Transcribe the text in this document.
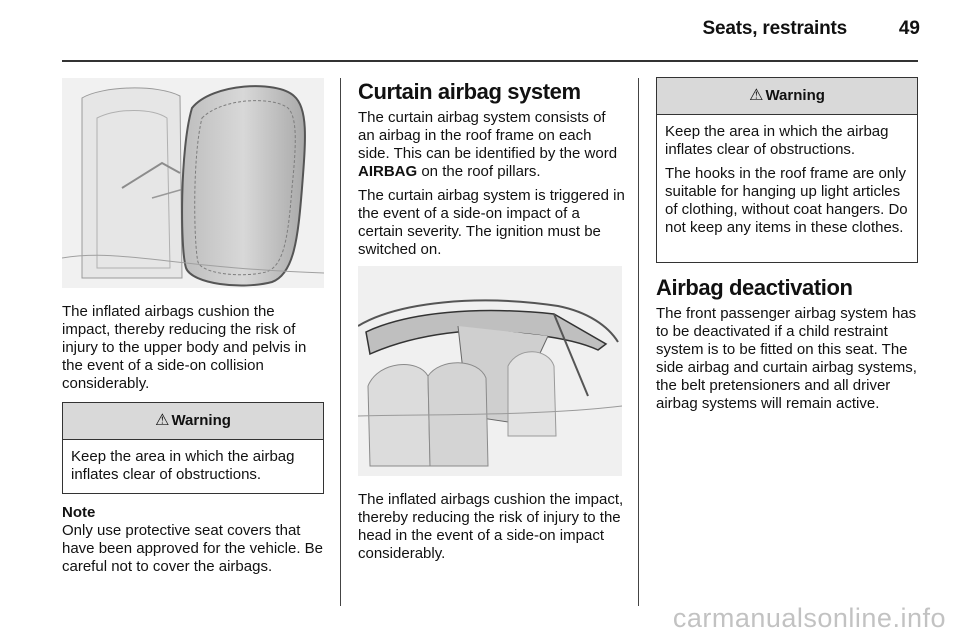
Seats, restraints	49

The inflated airbags cushion the impact, thereby reducing the risk of injury to the upper body and pelvis in the event of a side-on collision considerably.

⚠ Warning

Keep the area in which the airbag inflates clear of obstructions.

Note

Only use protective seat covers that have been approved for the vehicle. Be careful not to cover the airbags.

Curtain airbag system

The curtain airbag system consists of an airbag in the roof frame on each side. This can be identified by the word AIRBAG on the roof pillars.

The curtain airbag system is triggered in the event of a side-on impact of a certain severity. The ignition must be switched on.

The inflated airbags cushion the impact, thereby reducing the risk of injury to the head in the event of a side-on impact considerably.

⚠ Warning

Keep the area in which the airbag inflates clear of obstructions.

The hooks in the roof frame are only suitable for hanging up light articles of clothing, without coat hangers. Do not keep any items in these clothes.

Airbag deactivation

The front passenger airbag system has to be deactivated if a child restraint system is to be fitted on this seat. The side airbag and curtain airbag systems, the belt pretensioners and all driver airbag systems will remain active.

carmanualsonline.info
